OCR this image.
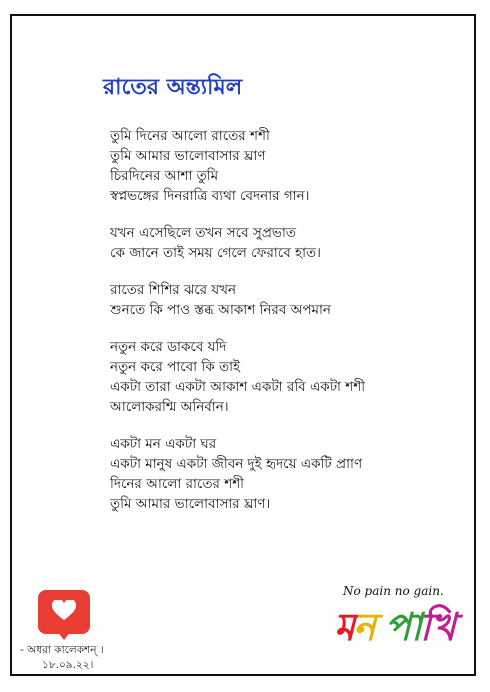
রাতের অন্ত্যমিল
তুমি দিনের আলো রাতের শশী
তুমি আমার ভালোবাসার ঘ্রাণ
চিরদিনের আশা তুমি
স্বপ্নভঙ্গের দিনরাত্রি ব্যথা বেদনার গান।
যখন এসেছিলে তখন সবে সুপ্রভাত
কে জানে তাই সময় গেলে ফেরাবে হাত।
রাতের শিশির ঝরে যখন
শুনতে কি পাও স্তব্ধ আকাশ নিরব অপমান
নতুন করে ডাকবে যদি
নতুন করে পাবো কি তাই
একটা তারা একটা আকাশ একটা রবি একটা শশী
আলোকরশ্মি অনির্বান।
একটা মন একটা ঘর
একটা মানুষ একটা জীবন দুই হৃদয়ে একটি প্রাাণ
দিনের আলো রাতের শশী
তুমি আমার ভালোবাসার ঘ্রাণ।
- অধরা কালেকশন্ ।
১৮.০৯.২২।
No pain no gain.
মন পাখি
